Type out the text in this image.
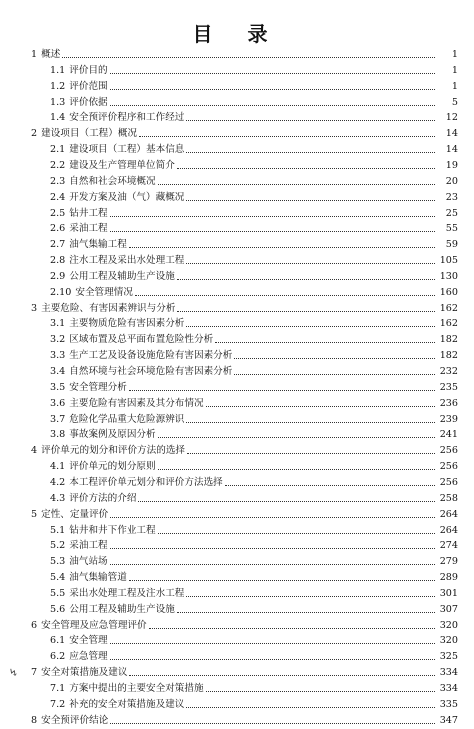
目 录
1 概述	1
1.1 评价目的	1
1.2 评价范围	1
1.3 评价依据	5
1.4 安全预评价程序和工作经过	12
2 建设项目（工程）概况	14
2.1 建设项目（工程）基本信息	14
2.2 建设及生产管理单位简介	19
2.3 自然和社会环境概况	20
2.4 开发方案及油（气）藏概况	23
2.5 钻井工程	25
2.6 采油工程	55
2.7 油气集输工程	59
2.8 注水工程及采出水处理工程	105
2.9 公用工程及辅助生产设施	130
2.10 安全管理情况	160
3 主要危险、有害因素辨识与分析	162
3.1 主要物质危险有害因素分析	162
3.2 区域布置及总平面布置危险性分析	182
3.3 生产工艺及设备设施危险有害因素分析	182
3.4 自然环境与社会环境危险有害因素分析	232
3.5 安全管理分析	235
3.6 主要危险有害因素及其分布情况	236
3.7 危险化学品重大危险源辨识	239
3.8 事故案例及原因分析	241
4 评价单元的划分和评价方法的选择	256
4.1 评价单元的划分原则	256
4.2 本工程评价单元划分和评价方法选择	256
4.3 评价方法的介绍	258
5 定性、定量评价	264
5.1 钻井和井下作业工程	264
5.2 采油工程	274
5.3 油气站场	279
5.4 油气集输管道	289
5.5 采出水处理工程及注水工程	301
5.6 公用工程及辅助生产设施	307
6 安全管理及应急管理评价	320
6.1 安全管理	320
6.2 应急管理	325
7 安全对策措施及建议	334
7.1 方案中提出的主要安全对策措施	334
7.2 补充的安全对策措施及建议	335
8 安全预评价结论	347
↯
